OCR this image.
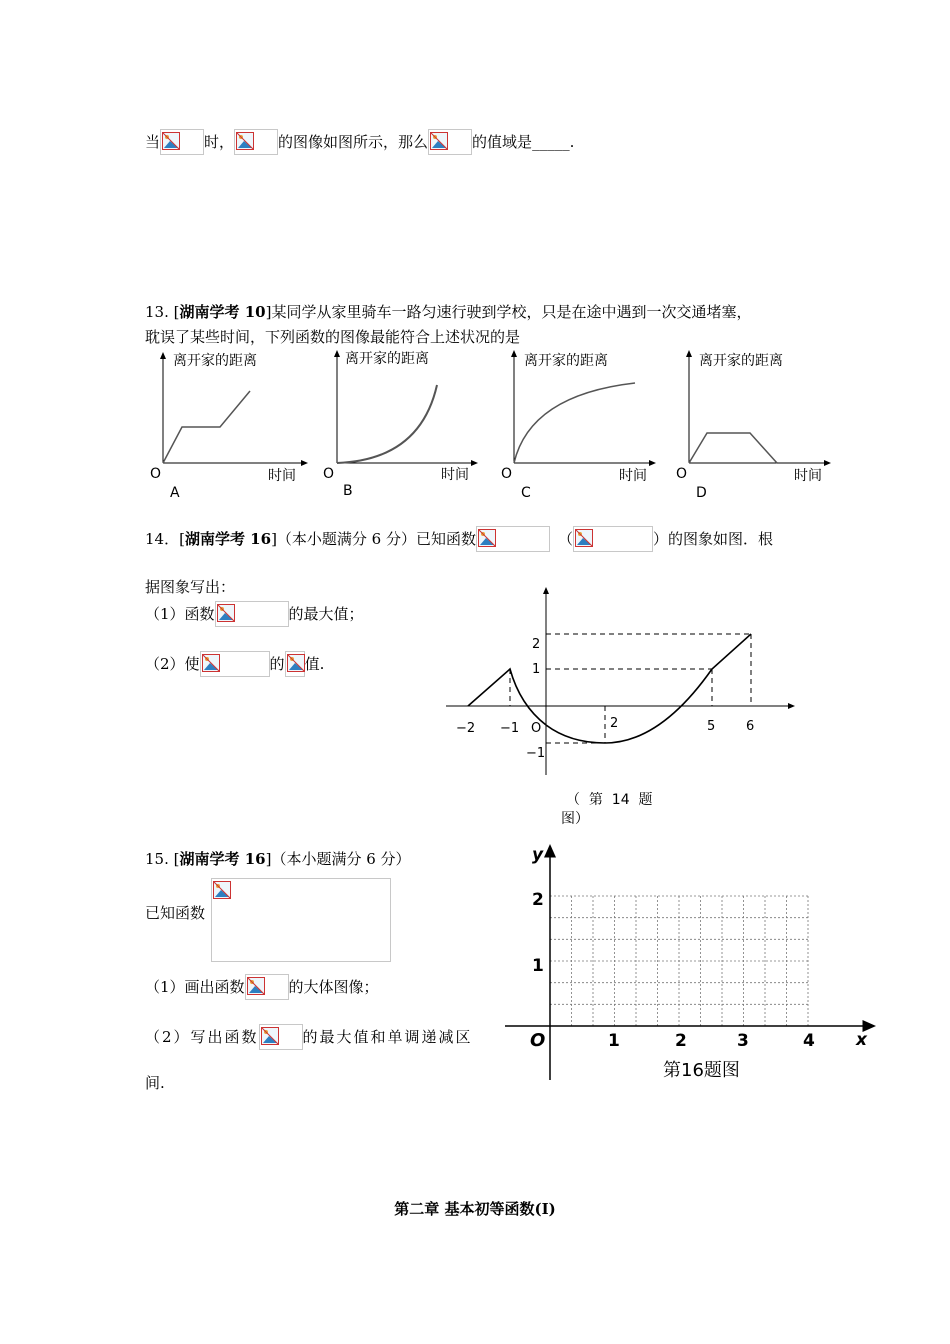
当	时，	的图像如图所示，那么	的值域是_____.
13. [湖南学考 10]某同学从家里骑车一路匀速行驶到学校，只是在途中遇到一次交通堵塞，
耽误了某些时间，下列函数的图像最能符合上述状况的是
离开家的距离
时间
O
A
离开家的距离
时间
O
B
离开家的距离
时间
O
C
离开家的距离
时间
O
D
14．[湖南学考 16]（本小题满分 6 分）已知函数	（	）的图象如图．根
据图象写出：
（1）函数	的最大值；
（2）使	的 值.
2
1
−1
−2 −1 O	2	5 6
（  第  14  题
图）
15. [湖南学考 16]（本小题满分 6 分）
已知函数
（1）画出函数	的大体图像；
（2）写出函数	的最大值和单调递减区
间.
y
x
O	1	2	3	4
1
2
第16题图
第二章 基本初等函数(I)
